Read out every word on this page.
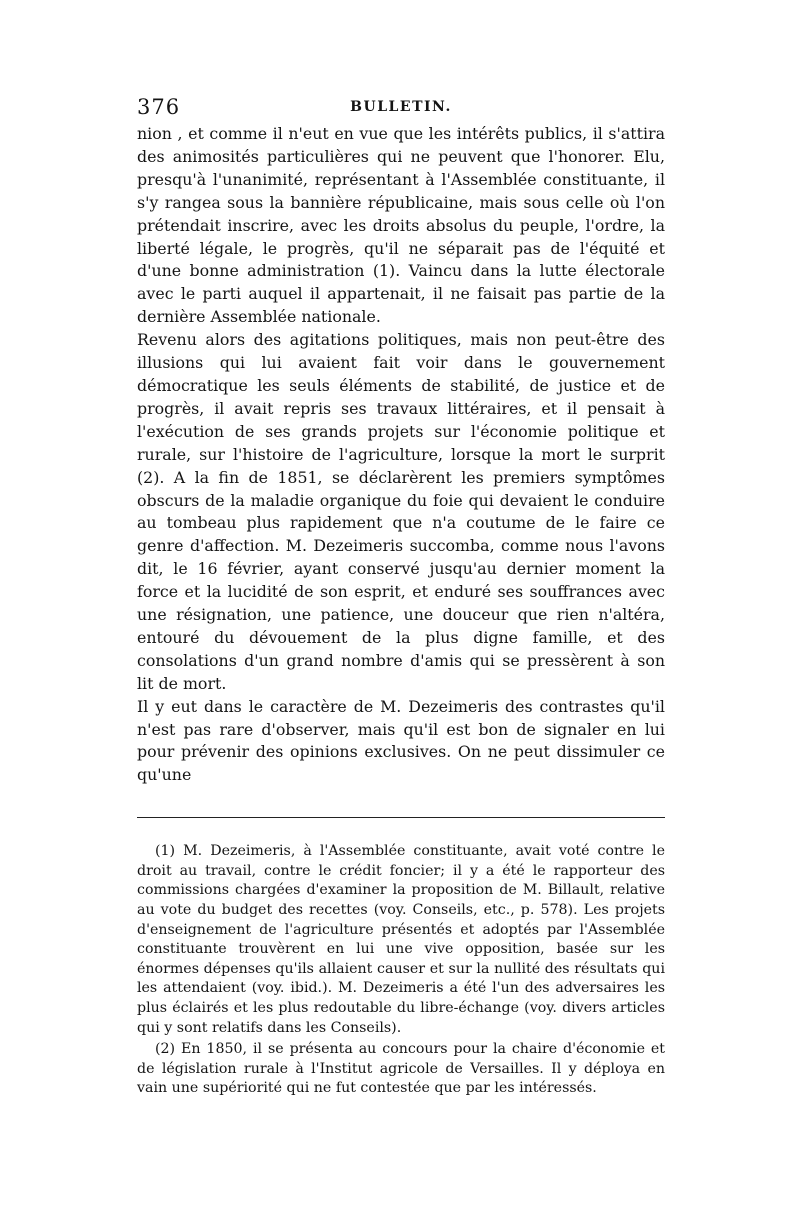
376	BULLETIN.

nion , et comme il n'eut en vue que les intérêts publics, il s'attira des animosités particulières qui ne peuvent que l'honorer. Elu, presqu'à l'unanimité, représentant à l'Assemblée constituante, il s'y rangea sous la bannière républicaine, mais sous celle où l'on prétendait inscrire, avec les droits absolus du peuple, l'ordre, la liberté légale, le progrès, qu'il ne séparait pas de l'équité et d'une bonne administration (1). Vaincu dans la lutte électorale avec le parti auquel il appartenait, il ne faisait pas partie de la dernière Assemblée nationale.

Revenu alors des agitations politiques, mais non peut-être des illusions qui lui avaient fait voir dans le gouvernement démocratique les seuls éléments de stabilité, de justice et de progrès, il avait repris ses travaux littéraires, et il pensait à l'exécution de ses grands projets sur l'économie politique et rurale, sur l'histoire de l'agriculture, lorsque la mort le surprit (2). A la fin de 1851, se déclarèrent les premiers symptômes obscurs de la maladie organique du foie qui devaient le conduire au tombeau plus rapidement que n'a coutume de le faire ce genre d'affection. M. Dezeimeris succomba, comme nous l'avons dit, le 16 février, ayant conservé jusqu'au dernier moment la force et la lucidité de son esprit, et enduré ses souffrances avec une résignation, une patience, une douceur que rien n'altéra, entouré du dévouement de la plus digne famille, et des consolations d'un grand nombre d'amis qui se pressèrent à son lit de mort.

Il y eut dans le caractère de M. Dezeimeris des contrastes qu'il n'est pas rare d'observer, mais qu'il est bon de signaler en lui pour prévenir des opinions exclusives. On ne peut dissimuler ce qu'une

(1) M. Dezeimeris, à l'Assemblée constituante, avait voté contre le droit au travail, contre le crédit foncier; il y a été le rapporteur des commissions chargées d'examiner la proposition de M. Billault, relative au vote du budget des recettes (voy. Conseils, etc., p. 578). Les projets d'enseignement de l'agriculture présentés et adoptés par l'Assemblée constituante trouvèrent en lui une vive opposition, basée sur les énormes dépenses qu'ils allaient causer et sur la nullité des résultats qui les attendaient (voy. ibid.). M. Dezeimeris a été l'un des adversaires les plus éclairés et les plus redoutable du libre-échange (voy. divers articles qui y sont relatifs dans les Conseils).

(2) En 1850, il se présenta au concours pour la chaire d'économie et de législation rurale à l'Institut agricole de Versailles. Il y déploya en vain une supériorité qui ne fut contestée que par les intéressés.
